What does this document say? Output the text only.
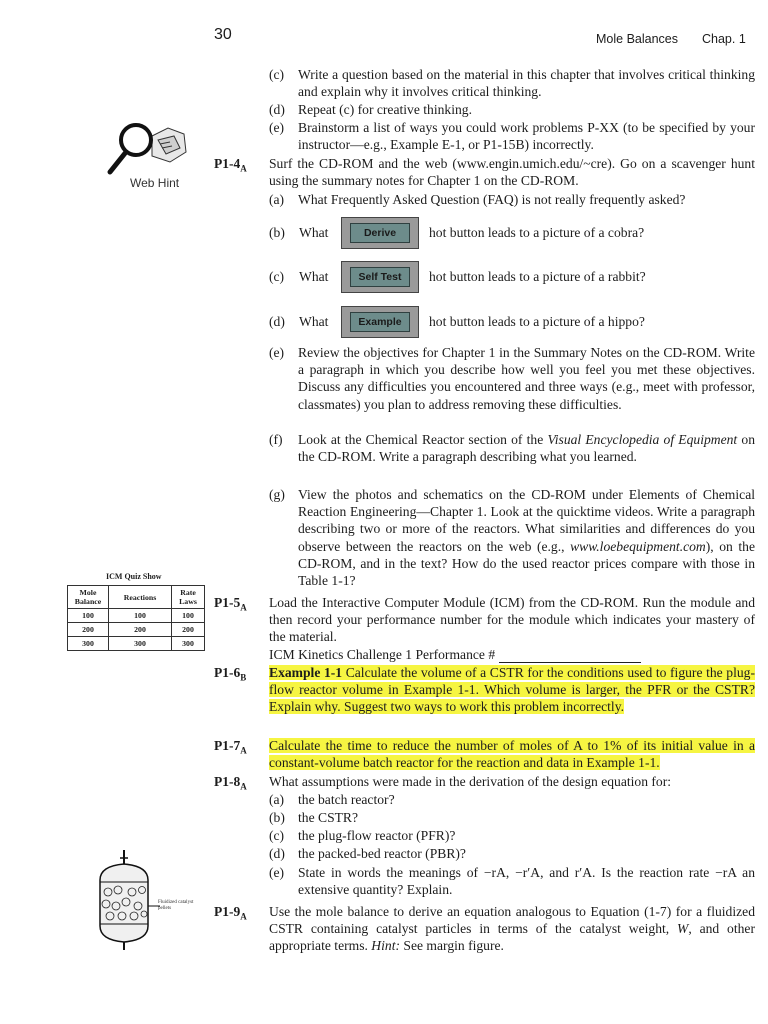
30	Mole Balances Chap. 1
Web Hint
(c)	Write a question based on the material in this chapter that involves critical thinking and explain why it involves critical thinking.
(d) Repeat (c) for creative thinking.
(e)	Brainstorm a list of ways you could work problems P-XX (to be specified by your instructor—e.g., Example E-1, or P1-15B) incorrectly.
$P1-4_A$ Surf the CD-ROM and the web (www.engin.umich.edu/~cre). Go on a scavenger hunt using the summary notes for Chapter 1 on the CD-ROM.
(a)	What Frequently Asked Question (FAQ) is not really frequently asked?
(b) What	Derive	hot button leads to a picture of a cobra?
(c) What	Self Test	hot button leads to a picture of a rabbit?
(d) What	Example	hot button leads to a picture of a hippo?
(e)	Review the objectives for Chapter 1 in the Summary Notes on the CD-ROM. Write a paragraph in which you describe how well you feel you met these objectives. Discuss any difficulties you encountered and three ways (e.g., meet with professor, classmates) you plan to address removing these difficulties.
(f)	Look at the Chemical Reactor section of the Visual Encyclopedia of Equipment on the CD-ROM. Write a paragraph describing what you learned.
(g) View the photos and schematics on the CD-ROM under Elements of Chemical Reaction Engineering—Chapter 1. Look at the quicktime videos. Write a paragraph describing two or more of the reactors. What similarities and differences do you observe between the reactors on the web (e.g., www.loebequipment.com), on the CD-ROM, and in the text? How do the used reactor prices compare with those in Table 1-1?
ICM Quiz Show
Mole Balance	Reactions	Rate Laws
100	100	100
200	200	200
300	300	300
$P1-5_A$ Load the Interactive Computer Module (ICM) from the CD-ROM. Run the module and then record your performance number for the module which indicates your mastery of the material.
ICM Kinetics Challenge 1 Performance #
$P1-6_B$ Example 1-1 Calculate the volume of a CSTR for the conditions used to figure the plug-flow reactor volume in Example 1-1. Which volume is larger, the PFR or the CSTR? Explain why. Suggest two ways to work this problem incorrectly.
$P1-7_A$ Calculate the time to reduce the number of moles of A to 1% of its initial value in a constant-volume batch reactor for the reaction and data in Example 1-1.
$P1-8_A$ What assumptions were made in the derivation of the design equation for:
(a)	the batch reactor?
(b) the CSTR?
(c)	the plug-flow reactor (PFR)?
(d) the packed-bed reactor (PBR)?
(e)	State in words the meanings of −rA, −r′A, and r′A. Is the reaction rate −rA an extensive quantity? Explain.
Fluidized catalyst pellets	$P1-9_A$ Use the mole balance to derive an equation analogous to Equation (1-7) for a fluidized CSTR containing catalyst particles in terms of the catalyst weight, W, and other appropriate terms. Hint: See margin figure.
